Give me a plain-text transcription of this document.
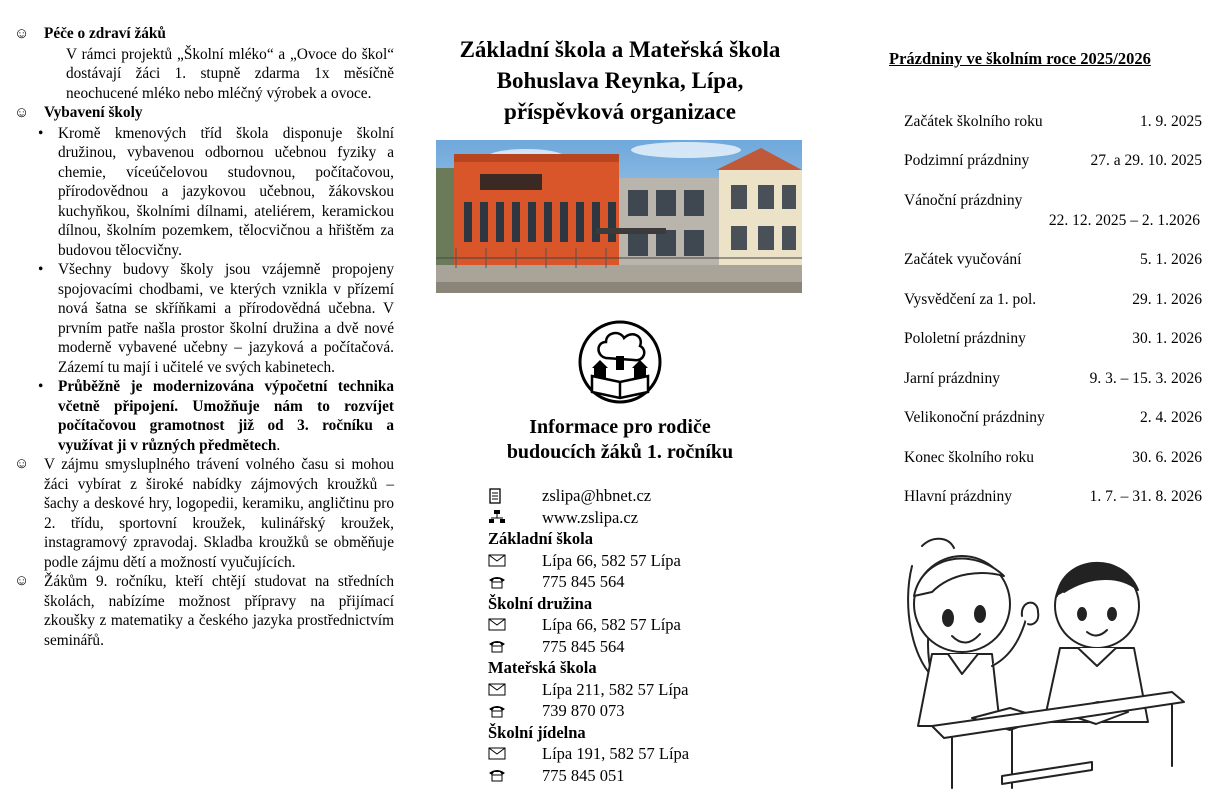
☺ Péče o zdraví žáků
V rámci projektů „Školní mléko“ a „Ovoce do škol“ dostávají žáci 1. stupně zdarma 1x měsíčně neochucené mléko nebo mléčný výrobek a ovoce.
☺ Vybavení školy
• Kromě kmenových tříd škola disponuje školní družinou, vybavenou odbornou učebnou fyziky a chemie, víceúčelovou studovnou, počítačovou, přírodovědnou a jazykovou učebnou, žákovskou kuchyňkou, školními dílnami, ateliérem, keramickou dílnou, školním pozemkem, tělocvičnou a hřištěm za budovou tělocvičny.
• Všechny budovy školy jsou vzájemně propojeny spojovacími chodbami, ve kterých vznikla v přízemí nová šatna se skříňkami a přírodovědná učebna. V prvním patře našla prostor školní družina a dvě nové moderně vybavené učebny – jazyková a počítačová. Zázemí tu mají i učitelé ve svých kabinetech.
• Průběžně je modernizována výpočetní technika včetně připojení. Umožňuje nám to rozvíjet počítačovou gramotnost již od 3. ročníku a využívat ji v různých předmětech.
☺ V zájmu smysluplného trávení volného času si mohou žáci vybírat z široké nabídky zájmových kroužků – šachy a deskové hry, logopedii, keramiku, angličtinu pro 2. třídu, sportovní kroužek, kulinářský kroužek, instagramový zpravodaj. Skladba kroužků se obměňuje podle zájmu dětí a možností vyučujících.
☺ Žákům 9. ročníku, kteří chtějí studovat na středních školách, nabízíme možnost přípravy na přijímací zkoušky z matematiky a českého jazyka prostřednictvím seminářů.
Základní škola a Mateřská škola
Bohuslava Reynka, Lípa,
příspěvková organizace
Informace pro rodiče
budoucích žáků 1. ročníku
zslipa@hbnet.cz
www.zslipa.cz
Základní škola
Lípa 66, 582 57 Lípa
775 845 564
Školní družina
Lípa 66, 582 57 Lípa
775 845 564
Mateřská škola
Lípa 211, 582 57 Lípa
739 870 073
Školní jídelna
Lípa 191, 582 57 Lípa
775 845 051
Prázdniny ve školním roce 2025/2026
Začátek školního roku	1. 9. 2025
Podzimní prázdniny	27. a 29. 10. 2025
Vánoční prázdniny
22. 12. 2025 – 2. 1.2026
Začátek vyučování	5. 1. 2026
Vysvědčení za 1. pol.	29. 1. 2026
Pololetní prázdniny	30. 1. 2026
Jarní prázdniny	9. 3. – 15. 3. 2026
Velikonoční prázdniny	2. 4. 2026
Konec školního roku	30. 6. 2026
Hlavní prázdniny	1. 7. – 31. 8. 2026
